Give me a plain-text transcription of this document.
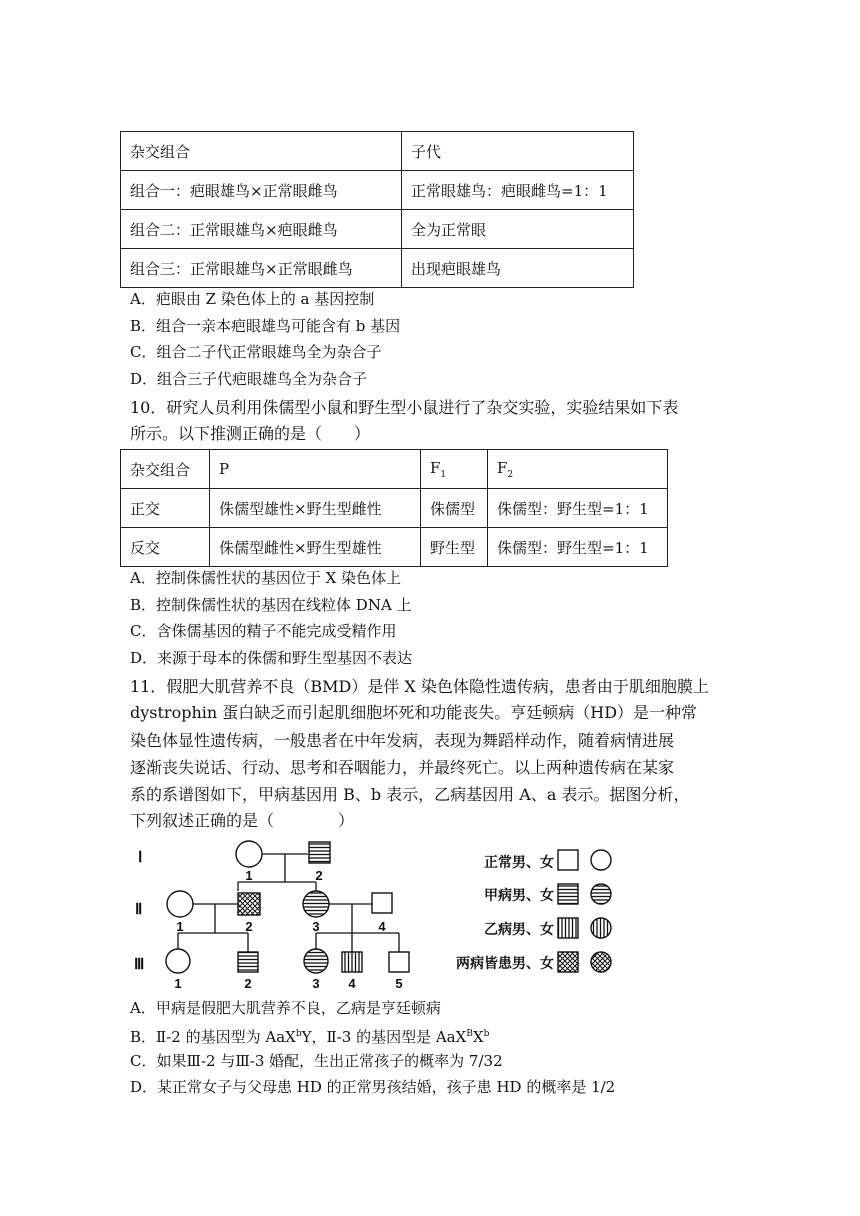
杂交组合	子代
组合一：疤眼雄鸟×正常眼雌鸟	正常眼雄鸟：疤眼雌鸟=1：1
组合二：正常眼雄鸟×疤眼雌鸟	全为正常眼
组合三：正常眼雄鸟×正常眼雌鸟	出现疤眼雄鸟
A．疤眼由 Z 染色体上的 a 基因控制
B．组合一亲本疤眼雄鸟可能含有 b 基因
C．组合二子代正常眼雄鸟全为杂合子
D．组合三子代疤眼雄鸟全为杂合子
10．研究人员利用侏儒型小鼠和野生型小鼠进行了杂交实验，实验结果如下表
所示。以下推测正确的是（　　）
杂交组合	P	$F_1$	$F_2$
正交	侏儒型雄性×野生型雌性	侏儒型	侏儒型：野生型=1：1
反交	侏儒型雌性×野生型雄性	野生型	侏儒型：野生型=1：1
A．控制侏儒性状的基因位于 X 染色体上
B．控制侏儒性状的基因在线粒体 DNA 上
C．含侏儒基因的精子不能完成受精作用
D．来源于母本的侏儒和野生型基因不表达
11．假肥大肌营养不良（BMD）是伴 X 染色体隐性遗传病，患者由于肌细胞膜上
dystrophin 蛋白缺乏而引起肌细胞坏死和功能丧失。亨廷顿病（HD）是一种常
染色体显性遗传病，一般患者在中年发病，表现为舞蹈样动作，随着病情进展
逐渐丧失说话、行动、思考和吞咽能力，并最终死亡。以上两种遗传病在某家
系的系谱图如下，甲病基因用 B、b 表示，乙病基因用 A、a 表示。据图分析，
下列叙述正确的是（　　　　）
Ⅰ
Ⅱ
Ⅲ
1	2
1	2	3	4
1	2	3 4	5
正常男、女
甲病男、女
乙病男、女
两病皆患男、女
A．甲病是假肥大肌营养不良，乙病是亨廷顿病
B．Ⅱ-2 的基因型为 AaX$^b$Y，Ⅱ-3 的基因型是 $AaX^BX^b$
C．如果Ⅲ-2 与Ⅲ-3 婚配，生出正常孩子的概率为 7/32
D．某正常女子与父母患 HD 的正常男孩结婚，孩子患 HD 的概率是 1/2
